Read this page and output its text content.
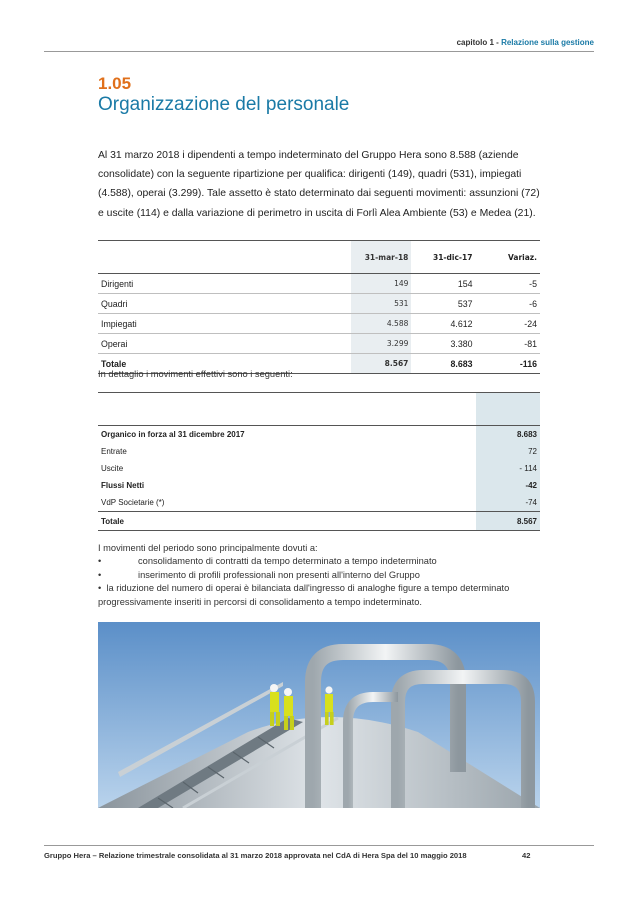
capitolo 1 - Relazione sulla gestione
1.05
Organizzazione del personale
Al 31 marzo 2018 i dipendenti a tempo indeterminato del Gruppo Hera sono 8.588 (aziende consolidate) con la seguente ripartizione per qualifica: dirigenti (149), quadri (531), impiegati (4.588), operai (3.299). Tale assetto è stato determinato dai seguenti movimenti: assunzioni (72) e uscite (114) e dalla variazione di perimetro in uscita di Forlì Alea Ambiente (53) e Medea (21).
	31-mar-18	31-dic-17	Variaz.
Dirigenti	149	154	-5
Quadri	531	537	-6
Impiegati	4.588	4.612	-24
Operai	3.299	3.380	-81
Totale	8.567	8.683	-116
In dettaglio i movimenti effettivi sono i seguenti:

Organico in forza al 31 dicembre 2017	8.683
Entrate	72
Uscite	- 114
Flussi Netti	-42
VdP Societarie (*)	-74
Totale	8.567
I movimenti del periodo sono principalmente dovuti a:
•	consolidamento di contratti da tempo determinato a tempo indeterminato
•	inserimento di profili professionali non presenti all'interno del Gruppo
• la riduzione del numero di operai è bilanciata dall'ingresso di analoghe figure a tempo determinato progressivamente inseriti in percorsi di consolidamento a tempo indeterminato.
Gruppo Hera – Relazione trimestrale consolidata al 31 marzo 2018 approvata nel CdA di Hera Spa del 10 maggio 2018	42
